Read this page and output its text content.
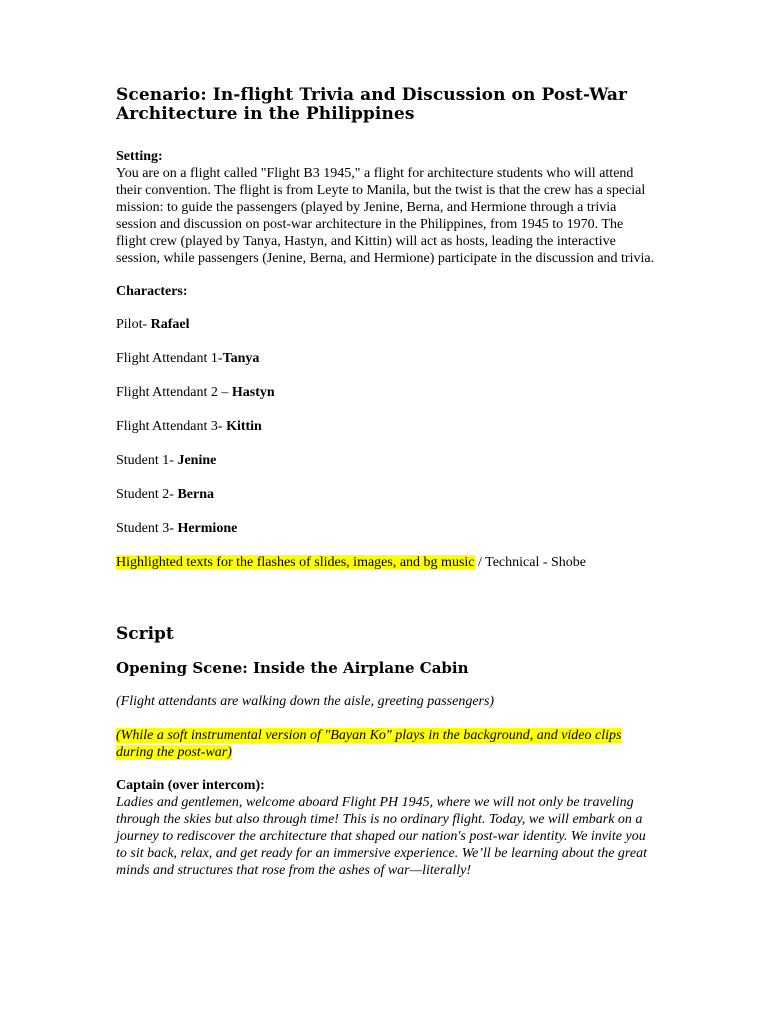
Scenario: In-flight Trivia and Discussion on Post-War Architecture in the Philippines

Setting:

You are on a flight called "Flight B3 1945," a flight for architecture students who will attend their convention. The flight is from Leyte to Manila, but the twist is that the crew has a special mission: to guide the passengers (played by Jenine, Berna, and Hermione through a trivia session and discussion on post-war architecture in the Philippines, from 1945 to 1970. The flight crew (played by Tanya, Hastyn, and Kittin) will act as hosts, leading the interactive session, while passengers (Jenine, Berna, and Hermione) participate in the discussion and trivia.

Characters:

Pilot- Rafael

Flight Attendant 1-Tanya

Flight Attendant 2 – Hastyn

Flight Attendant 3- Kittin

Student 1- Jenine

Student 2- Berna

Student 3- Hermione

Highlighted texts for the flashes of slides, images, and bg music / Technical - Shobe

Script
Opening Scene: Inside the Airplane Cabin

(Flight attendants are walking down the aisle, greeting passengers)

(While a soft instrumental version of "Bayan Ko" plays in the background, and video clips during the post-war)

Captain (over intercom):

Ladies and gentlemen, welcome aboard Flight PH 1945, where we will not only be traveling through the skies but also through time! This is no ordinary flight. Today, we will embark on a journey to rediscover the architecture that shaped our nation's post-war identity. We invite you to sit back, relax, and get ready for an immersive experience. We’ll be learning about the great minds and structures that rose from the ashes of war—literally!
